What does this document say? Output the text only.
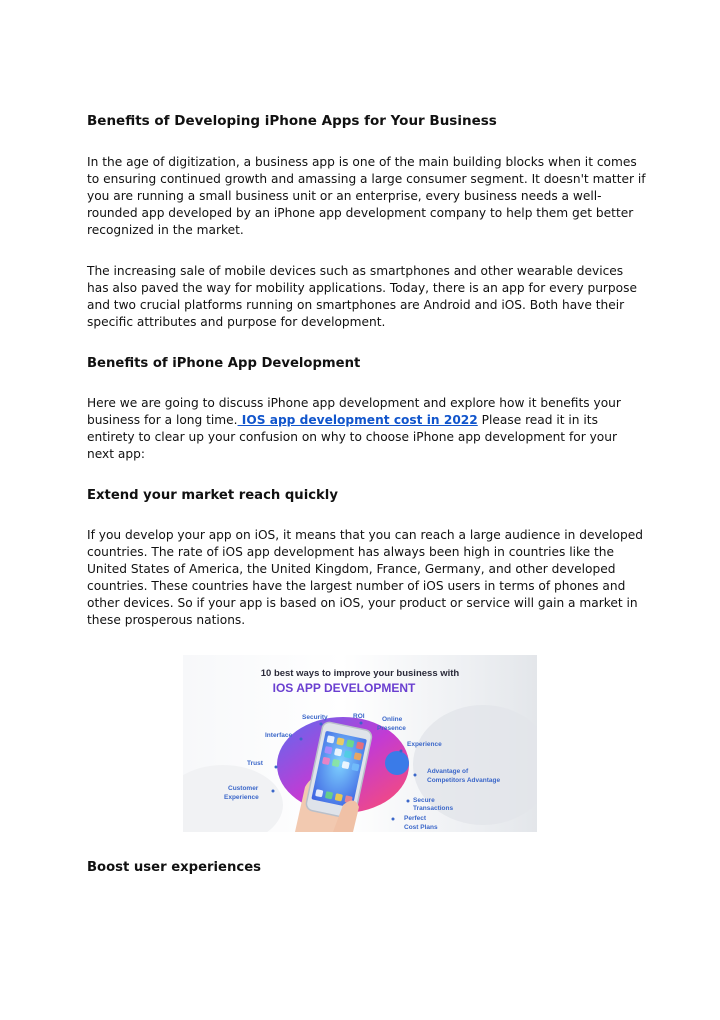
Benefits of Developing iPhone Apps for Your Business

In the age of digitization, a business app is one of the main building blocks when it comes to ensuring continued growth and amassing a large consumer segment. It doesn't matter if you are running a small business unit or an enterprise, every business needs a well-rounded app developed by an iPhone app development company to help them get better recognized in the market.

The increasing sale of mobile devices such as smartphones and other wearable devices has also paved the way for mobility applications. Today, there is an app for every purpose and two crucial platforms running on smartphones are Android and iOS. Both have their specific attributes and purpose for development.

Benefits of iPhone App Development

Here we are going to discuss iPhone app development and explore how it benefits your business for a long time. IOS app development cost in 2022 Please read it in its entirety to clear up your confusion on why to choose iPhone app development for your next app:

Extend your market reach quickly

If you develop your app on iOS, it means that you can reach a large audience in developed countries. The rate of iOS app development has always been high in countries like the United States of America, the United Kingdom, France, Germany, and other developed countries. These countries have the largest number of iOS users in terms of phones and other devices. So if your app is based on iOS, your product or service will gain a market in these prosperous nations.

10 best ways to improve your business with
IOS APP DEVELOPMENT
Security	ROI	Online
Presence
Interface
Experience
Trust
Advantage of
Competitors Advantage
Customer
Experience	Secure
Transactions
Perfect
Cost Plans

Boost user experiences
